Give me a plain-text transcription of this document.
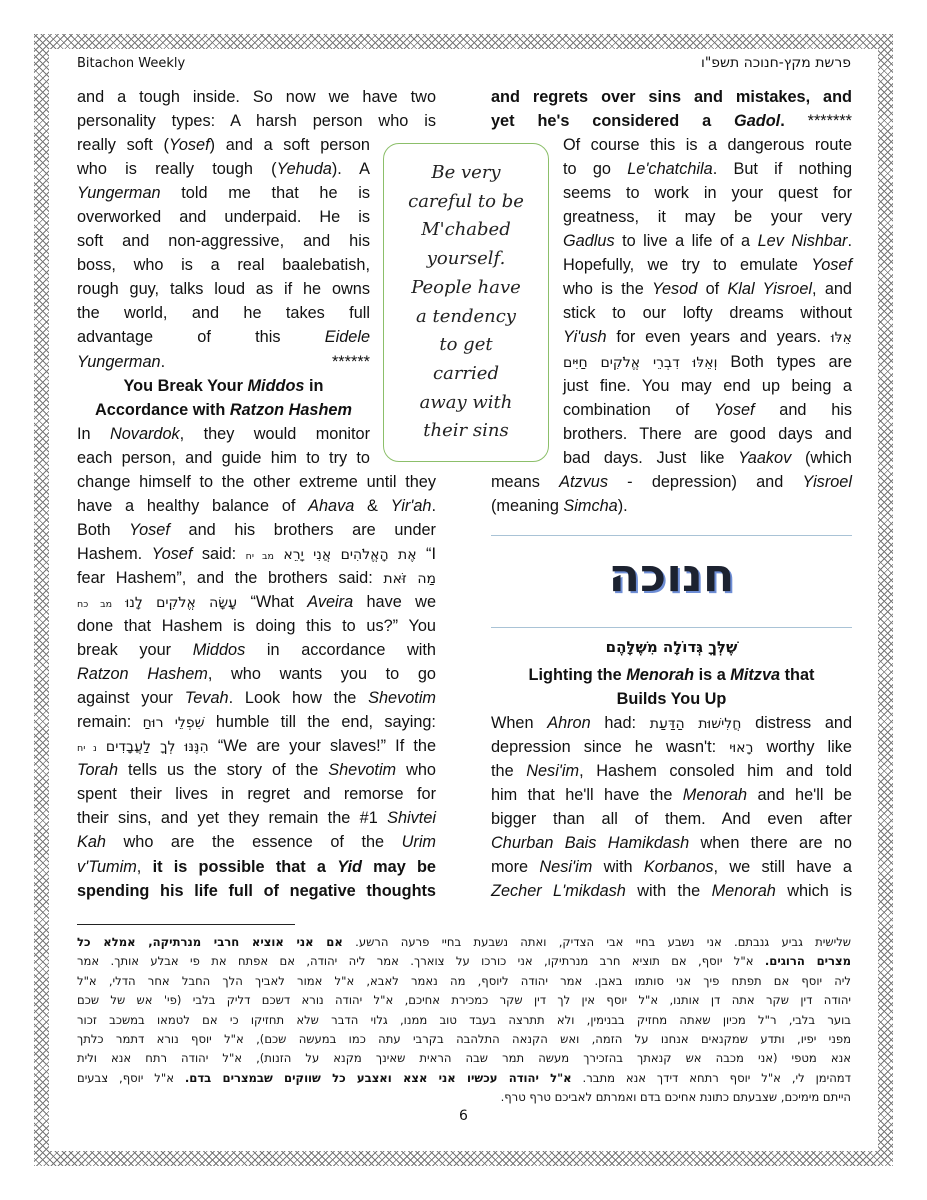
Bitachon Weekly	פרשת מקץ-חנוכה תשפ"ו
and a tough inside. So now we have two
personality types: A harsh person who is
really soft (Yosef) and a soft person
who is really tough (Yehuda). A
Yungerman told me that he is
overworked and underpaid. He is
soft and non-aggressive, and his
boss, who is a real baalebatish,
rough guy, talks loud as if he owns
the world, and he takes full
advantage of this Eidele
Yungerman. ******
You Break Your Middos in
Accordance with Ratzon Hashem
In Novardok, they would monitor
each person, and guide him to try to
change himself to the other extreme until they
have a healthy balance of Ahava & Yir'ah.
Both Yosef and his brothers are under
Hashem. Yosef said: מב יח אֶת הָאֱלֹהִים אֲנִי יָרֵא “I
fear Hashem”, and the brothers said: מַה זֹּאת
מב כח עָשָׂה אֱלֹקִים לָנוּ “What Aveira have we
done that Hashem is doing this to us?” You
break your Middos in accordance with
Ratzon Hashem, who wants you to go
against your Tevah. Look how the Shevotim
remain: שִׁפְלֵי רוּחַ humble till the end, saying:
נ יח הִנֶּנּוּ לְךָ לַעֲבָדִים “We are your slaves!” If the
Torah tells us the story of the Shevotim who
spent their lives in regret and remorse for
their sins, and yet they remain the #1 Shivtei
Kah who are the essence of the Urim
v'Tumim, it is possible that a Yid may be
spending his life full of negative thoughts
Be very
careful to be
M'chabed
yourself.
People have
a tendency
to get
carried
away with
their sins
and regrets over sins and mistakes, and
yet he's considered a Gadol. *******
Of course this is a dangerous route
to go Le'chatchila. But if nothing
seems to work in your quest for
greatness, it may be your very
Gadlus to live a life of a Lev Nishbar.
Hopefully, we try to emulate Yosef
who is the Yesod of Klal Yisroel, and
stick to our lofty dreams without
Yi'ush for even years and years. אֵלּוּ
וְאֵלּוּ דִבְרֵי אֱלֹקִים חַיִּים Both types are
just fine. You may end up being a
combination of Yosef and his
brothers. There are good days and
bad days. Just like Yaakov (which
means Atzvus - depression) and Yisroel
(meaning Simcha).
חנוכה
שֶׁלְּךָ גְּדוֹלָה מִשֶּׁלָּהֶם
Lighting the Menorah is a Mitzva that
Builds You Up
When Ahron had: חֲלִישׁוּת הַדַּעַת distress and
depression since he wasn't: רָאוּי worthy like
the Nesi'im, Hashem consoled him and told
him that he'll have the Menorah and he'll be
bigger than all of them. And even after
Churban Bais Hamikdash when there are no
more Nesi'im with Korbanos, we still have a
Zecher L'mikdash with the Menorah which is
שלישית גביע גנבתם. אני נשבע בחיי אבי הצדיק, ואתה נשבעת בחיי פרעה הרשע. אם אני אוציא חרבי מנרתיקה, אמלא כל
מצרים הרוגים. א"ל יוסף, אם תוציא חרב מנרתיקו, אני כורכו על צוארך. אמר ליה יהודה, אם אפתח את פי אבלע אותך. אמר
ליה יוסף אם תפתח פיך אני סותמו באבן. אמר יהודה ליוסף, מה נאמר לאבא, א"ל אמור לאביך הלך החבל אחר הדלי, א"ל
יהודה דין שקר אתה דן אותנו, א"ל יוסף אין לך דין שקר כמכירת אחיכם, א"ל יהודה נורא דשכם דליק בלבי (פי' אש של שכם
בוער בלבי, ר"ל מכיון שאתה מחזיק בבנימין, ולא תתרצה בעבד טוב ממנו, גלוי הדבר שלא תחזיקו כי אם לטמאו במשכב זכור
מפני יפיו, ותדע שמקנאים אנחנו על הזמה, ואש הקנאה התלהבה בקרבי עתה כמו במעשה שכם), א"ל יוסף נורא דתמר כלתך
אנא מטפי (אני מכבה אש קנאתך בהזכירך מעשה תמר שבה הראית שאינך מקנא על הזנות), א"ל יהודה רתח אנא ולית
דמהימן לי, א"ל יוסף רתחא דידך אנא מתבר. א"ל יהודה עכשיו אני אצא ואצבע כל שווקים שבמצרים בדם. א"ל יוסף, צבעים
הייתם מימיכם, שצבעתם כתונת אחיכם בדם ואמרתם לאביכם טרף טרף.
6
